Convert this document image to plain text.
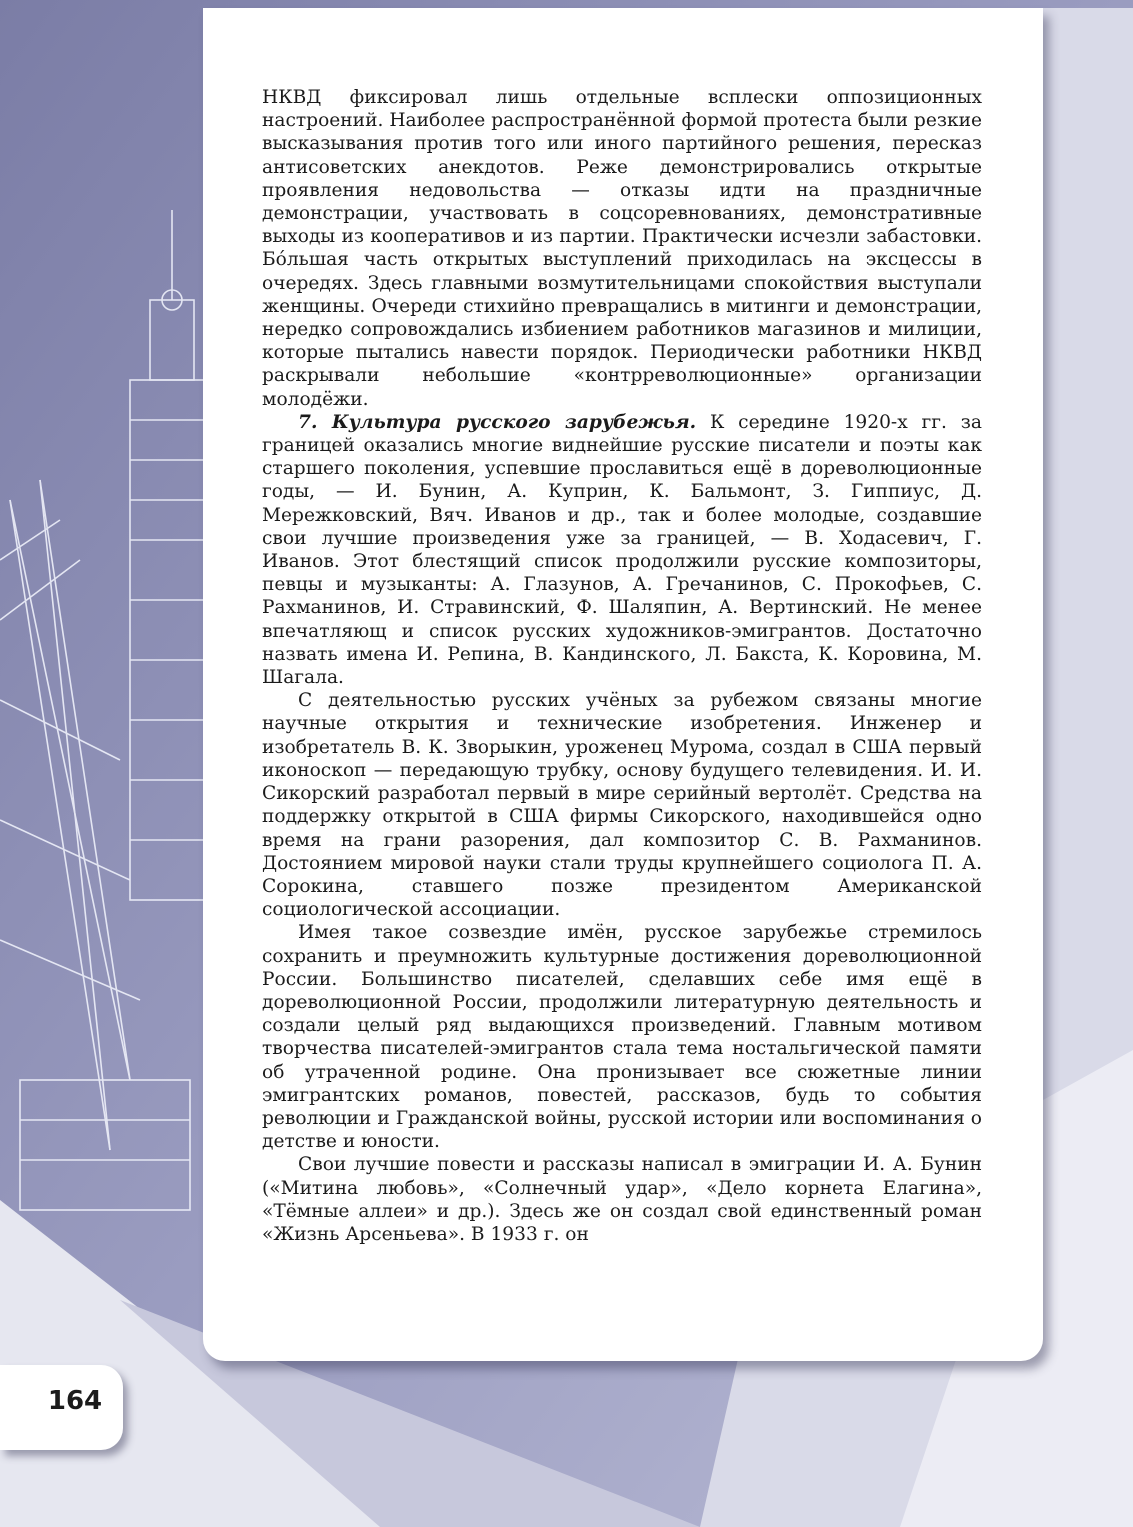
НКВД фиксировал лишь отдельные всплески оппозиционных настроений. Наиболее распространённой формой протеста были резкие высказывания против того или иного партийного решения, пересказ антисоветских анекдотов. Реже демонстрировались открытые проявления недовольства — отказы идти на праздничные демонстрации, участвовать в соцсоревнованиях, демонстративные выходы из кооперативов и из партии. Практически исчезли забастовки. Бо́льшая часть открытых выступлений приходилась на эксцессы в очередях. Здесь главными возмутительницами спокойствия выступали женщины. Очереди стихийно превращались в митинги и демонстрации, нередко сопровождались избиением работников магазинов и милиции, которые пытались навести порядок. Периодически работники НКВД раскрывали небольшие «контрреволюционные» организации молодёжи.

7. Культура русского зарубежья. К середине 1920-х гг. за границей оказались многие виднейшие русские писатели и поэты как старшего поколения, успевшие прославиться ещё в дореволюционные годы, — И. Бунин, А. Куприн, К. Бальмонт, З. Гиппиус, Д. Мережковский, Вяч. Иванов и др., так и более молодые, создавшие свои лучшие произведения уже за границей, — В. Ходасевич, Г. Иванов. Этот блестящий список продолжили русские композиторы, певцы и музыканты: А. Глазунов, А. Гречанинов, С. Прокофьев, С. Рахманинов, И. Стравинский, Ф. Шаляпин, А. Вертинский. Не менее впечатляющ и список русских художников-эмигрантов. Достаточно назвать имена И. Репина, В. Кандинского, Л. Бакста, К. Коровина, М. Шагала.

С деятельностью русских учёных за рубежом связаны многие научные открытия и технические изобретения. Инженер и изобретатель В. К. Зворыкин, уроженец Мурома, создал в США первый иконоскоп — передающую трубку, основу будущего телевидения. И. И. Сикорский разработал первый в мире серийный вертолёт. Средства на поддержку открытой в США фирмы Сикорского, находившейся одно время на грани разорения, дал композитор С. В. Рахманинов. Достоянием мировой науки стали труды крупнейшего социолога П. А. Сорокина, ставшего позже президентом Американской социологической ассоциации.

Имея такое созвездие имён, русское зарубежье стремилось сохранить и преумножить культурные достижения дореволюционной России. Большинство писателей, сделавших себе имя ещё в дореволюционной России, продолжили литературную деятельность и создали целый ряд выдающихся произведений. Главным мотивом творчества писателей-эмигрантов стала тема ностальгической памяти об утраченной родине. Она пронизывает все сюжетные линии эмигрантских романов, повестей, рассказов, будь то события революции и Гражданской войны, русской истории или воспоминания о детстве и юности.

Свои лучшие повести и рассказы написал в эмиграции И. А. Бунин («Митина любовь», «Солнечный удар», «Дело корнета Елагина», «Тёмные аллеи» и др.). Здесь же он создал свой единственный роман «Жизнь Арсеньева». В 1933 г. он

164
